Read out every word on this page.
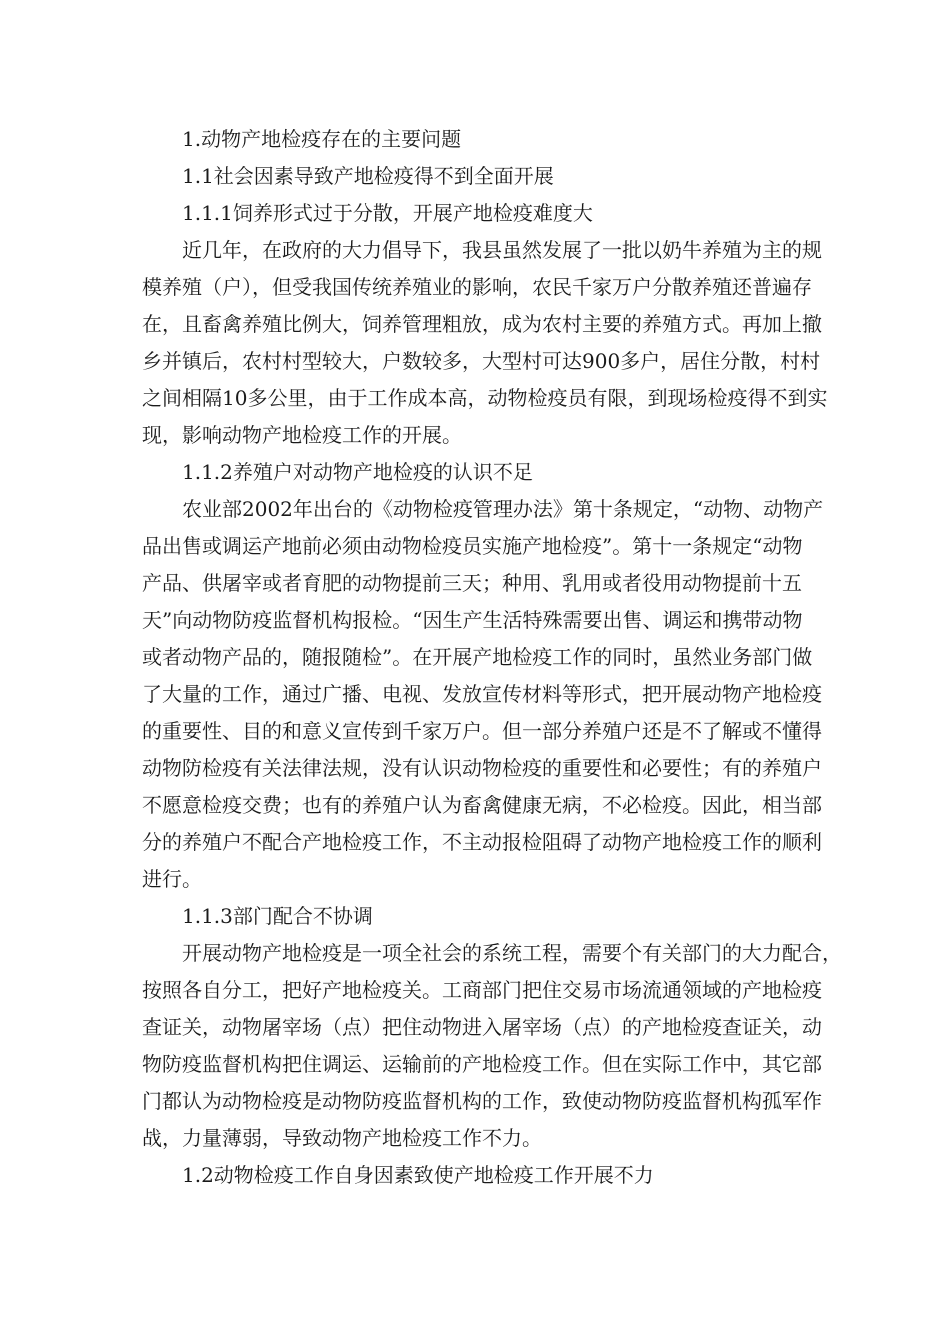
1.动物产地检疫存在的主要问题
1.1社会因素导致产地检疫得不到全面开展
1.1.1饲养形式过于分散，开展产地检疫难度大
近几年，在政府的大力倡导下，我县虽然发展了一批以奶牛养殖为主的规
模养殖（户），但受我国传统养殖业的影响，农民千家万户分散养殖还普遍存
在，且畜禽养殖比例大，饲养管理粗放，成为农村主要的养殖方式。再加上撤
乡并镇后，农村村型较大，户数较多，大型村可达900多户，居住分散，村村
之间相隔10多公里，由于工作成本高，动物检疫员有限，到现场检疫得不到实
现，影响动物产地检疫工作的开展。
1.1.2养殖户对动物产地检疫的认识不足
农业部2002年出台的《动物检疫管理办法》第十条规定，“动物、动物产
品出售或调运产地前必须由动物检疫员实施产地检疫”。第十一条规定“动物
产品、供屠宰或者育肥的动物提前三天；种用、乳用或者役用动物提前十五
天”向动物防疫监督机构报检。“因生产生活特殊需要出售、调运和携带动物
或者动物产品的，随报随检”。在开展产地检疫工作的同时，虽然业务部门做
了大量的工作，通过广播、电视、发放宣传材料等形式，把开展动物产地检疫
的重要性、目的和意义宣传到千家万户。但一部分养殖户还是不了解或不懂得
动物防检疫有关法律法规，没有认识动物检疫的重要性和必要性；有的养殖户
不愿意检疫交费；也有的养殖户认为畜禽健康无病，不必检疫。因此，相当部
分的养殖户不配合产地检疫工作，不主动报检阻碍了动物产地检疫工作的顺利
进行。
1.1.3部门配合不协调
开展动物产地检疫是一项全社会的系统工程，需要个有关部门的大力配合，
按照各自分工，把好产地检疫关。工商部门把住交易市场流通领域的产地检疫
查证关，动物屠宰场（点）把住动物进入屠宰场（点）的产地检疫查证关，动
物防疫监督机构把住调运、运输前的产地检疫工作。但在实际工作中，其它部
门都认为动物检疫是动物防疫监督机构的工作，致使动物防疫监督机构孤军作
战，力量薄弱，导致动物产地检疫工作不力。
1.2动物检疫工作自身因素致使产地检疫工作开展不力
